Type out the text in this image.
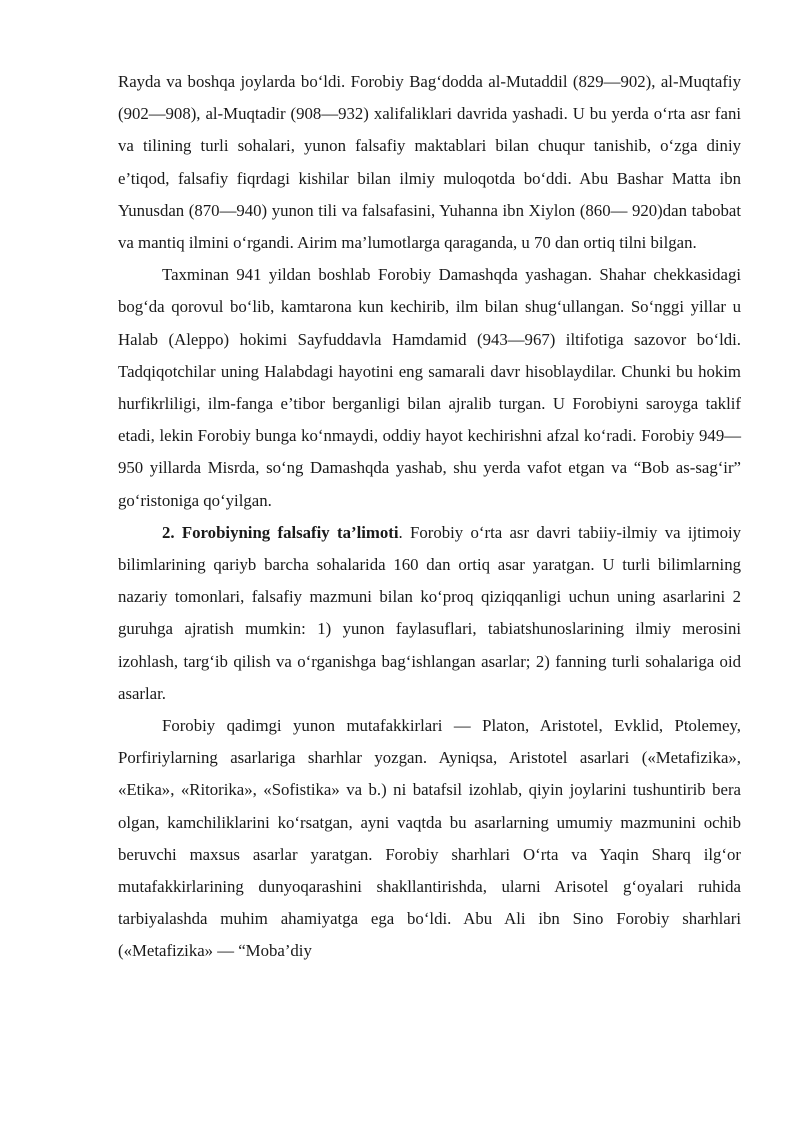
Rayda va boshqa joylarda bo‘ldi. Forobiy Bag‘dodda al-Mutaddil (829—902), al-Muqtafiy (902—908), al-Muqtadir (908—932) xalifaliklari davrida yashadi. U bu yerda o‘rta asr fani va tilining turli sohalari, yunon falsafiy maktablari bilan chuqur tanishib, o‘zga diniy e’tiqod, falsafiy fiqrdagi kishilar bilan ilmiy muloqotda bo‘ddi. Abu Bashar Matta ibn Yunusdan (870—940) yunon tili va falsafasini, Yuhanna ibn Xiylon (860— 920)dan tabobat va mantiq ilmini o‘rgandi. Airim ma’lumotlarga qaraganda, u 70 dan ortiq tilni bilgan.

Taxminan 941 yildan boshlab Forobiy Damashqda yashagan. Shahar chekkasidagi bog‘da qorovul bo‘lib, kamtarona kun kechirib, ilm bilan shug‘ullangan. So‘nggi yillar u Halab (Aleppo) hokimi Sayfuddavla Hamdamid (943—967) iltifotiga sazovor bo‘ldi. Tadqiqotchilar uning Halabdagi hayotini eng samarali davr hisoblaydilar. Chunki bu hokim hurfikrliligi, ilm-fanga e’tibor berganligi bilan ajralib turgan. U Forobiyni saroyga taklif etadi, lekin Forobiy bunga ko‘nmaydi, oddiy hayot kechirishni afzal ko‘radi. Forobiy 949—950 yillarda Misrda, so‘ng Damashqda yashab, shu yerda vafot etgan va “Bob as-sag‘ir” go‘ristoniga qo‘yilgan.

2. Forobiyning falsafiy ta’limoti. Forobiy o‘rta asr davri tabiiy-ilmiy va ijtimoiy bilimlarining qariyb barcha sohalarida 160 dan ortiq asar yaratgan. U turli bilimlarning nazariy tomonlari, falsafiy mazmuni bilan ko‘proq qiziqqanligi uchun uning asarlarini 2 guruhga ajratish mumkin: 1) yunon faylasuflari, tabiatshunoslarining ilmiy merosini izohlash, targ‘ib qilish va o‘rganishga bag‘ishlangan asarlar; 2) fanning turli sohalariga oid asarlar.

Forobiy qadimgi yunon mutafakkirlari — Platon, Aristotel, Evklid, Ptolemey, Porfiriylarning asarlariga sharhlar yozgan. Ayniqsa, Aristotel asarlari («Metafizika», «Etika», «Ritorika», «Sofistika» va b.) ni batafsil izohlab, qiyin joylarini tushuntirib bera olgan, kamchiliklarini ko‘rsatgan, ayni vaqtda bu asarlarning umumiy mazmunini ochib beruvchi maxsus asarlar yaratgan. Forobiy sharhlari O‘rta va Yaqin Sharq ilg‘or mutafakkirlarining dunyoqarashini shakllantirishda, ularni Arisotel g‘oyalari ruhida tarbiyalashda muhim ahamiyatga ega bo‘ldi. Abu Ali ibn Sino Forobiy sharhlari («Metafizika» — “Moba’diy
